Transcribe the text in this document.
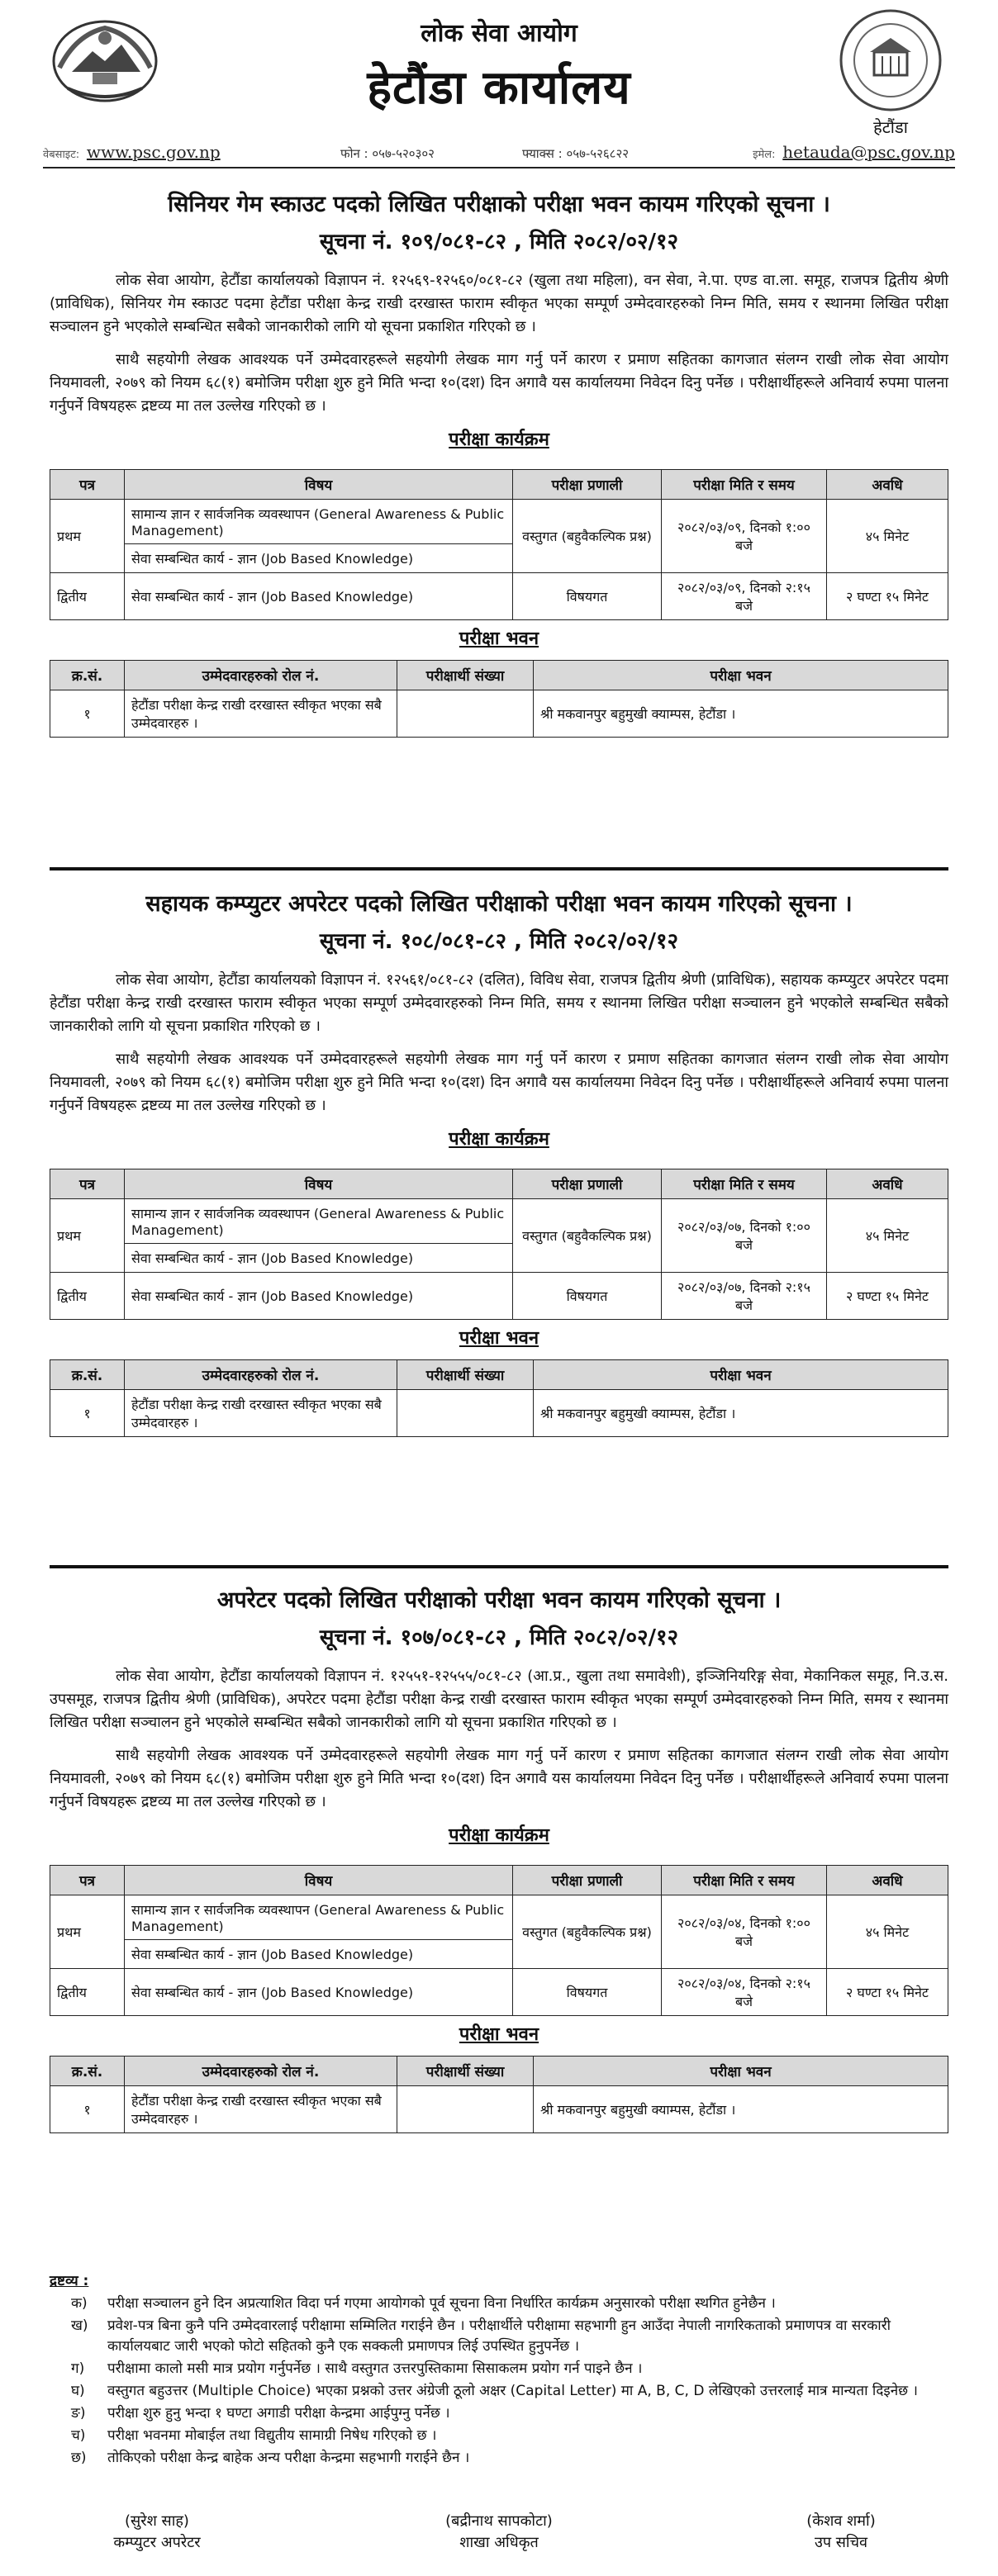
लोक सेवा आयोग
हेटौंडा कार्यालय
हेटौंडा
वेबसाइट: www.psc.gov.np	फोन : ०५७-५२०३०२	फ्याक्स : ०५७-५२६८२२	इमेल: hetauda@psc.gov.np
सिनियर गेम स्काउट पदको लिखित परीक्षाको परीक्षा भवन कायम गरिएको सूचना ।
सूचना नं. १०९/०८१-८२ , मिति २०८२/०२/१२

लोक सेवा आयोग, हेटौंडा कार्यालयको विज्ञापन नं. १२५६९-१२५६०/०८१-८२ (खुला तथा महिला), वन सेवा, ने.पा. एण्ड वा.ला. समूह, राजपत्र द्वितीय श्रेणी (प्राविधिक), सिनियर गेम स्काउट पदमा हेटौंडा परीक्षा केन्द्र राखी दरखास्त फाराम स्वीकृत भएका सम्पूर्ण उम्मेदवारहरुको निम्न मिति, समय र स्थानमा लिखित परीक्षा सञ्चालन हुने भएकोले सम्बन्धित सबैको जानकारीको लागि यो सूचना प्रकाशित गरिएको छ ।

साथै सहयोगी लेखक आवश्यक पर्ने उम्मेदवारहरूले सहयोगी लेखक माग गर्नु पर्ने कारण र प्रमाण सहितका कागजात संलग्न राखी लोक सेवा आयोग नियमावली, २०७९ को नियम ६८(१) बमोजिम परीक्षा शुरु हुने मिति भन्दा १०(दश) दिन अगावै यस कार्यालयमा निवेदन दिनु पर्नेछ । परीक्षार्थीहरूले अनिवार्य रुपमा पालना गर्नुपर्ने विषयहरू द्रष्टव्य मा तल उल्लेख गरिएको छ ।

परीक्षा कार्यक्रम
पत्र	विषय	परीक्षा प्रणाली	परीक्षा मिति र समय	अवधि
प्रथम	सामान्य ज्ञान र सार्वजनिक व्यवस्थापन (General Awareness & Public Management)	वस्तुगत (बहुवैकल्पिक प्रश्न)	२०८२/०३/०९, दिनको १:०० बजे	४५ मिनेट
	सेवा सम्बन्धित कार्य - ज्ञान (Job Based Knowledge)			
द्वितीय	सेवा सम्बन्धित कार्य - ज्ञान (Job Based Knowledge)	विषयगत	२०८२/०३/०९, दिनको २:१५ बजे	२ घण्टा १५ मिनेट
परीक्षा भवन
क्र.सं.	उम्मेदवारहरुको रोल नं.	परीक्षार्थी संख्या	परीक्षा भवन
१	हेटौंडा परीक्षा केन्द्र राखी दरखास्त स्वीकृत भएका सबै उम्मेदवारहरु ।		श्री मकवानपुर बहुमुखी क्याम्पस, हेटौंडा ।
सहायक कम्प्युटर अपरेटर पदको लिखित परीक्षाको परीक्षा भवन कायम गरिएको सूचना ।
सूचना नं. १०८/०८१-८२ , मिति २०८२/०२/१२

लोक सेवा आयोग, हेटौंडा कार्यालयको विज्ञापन नं. १२५६१/०८१-८२ (दलित), विविध सेवा, राजपत्र द्वितीय श्रेणी (प्राविधिक), सहायक कम्प्युटर अपरेटर पदमा हेटौंडा परीक्षा केन्द्र राखी दरखास्त फाराम स्वीकृत भएका सम्पूर्ण उम्मेदवारहरुको निम्न मिति, समय र स्थानमा लिखित परीक्षा सञ्चालन हुने भएकोले सम्बन्धित सबैको जानकारीको लागि यो सूचना प्रकाशित गरिएको छ ।

साथै सहयोगी लेखक आवश्यक पर्ने उम्मेदवारहरूले सहयोगी लेखक माग गर्नु पर्ने कारण र प्रमाण सहितका कागजात संलग्न राखी लोक सेवा आयोग नियमावली, २०७९ को नियम ६८(१) बमोजिम परीक्षा शुरु हुने मिति भन्दा १०(दश) दिन अगावै यस कार्यालयमा निवेदन दिनु पर्नेछ । परीक्षार्थीहरूले अनिवार्य रुपमा पालना गर्नुपर्ने विषयहरू द्रष्टव्य मा तल उल्लेख गरिएको छ ।

परीक्षा कार्यक्रम
पत्र	विषय	परीक्षा प्रणाली	परीक्षा मिति र समय	अवधि
प्रथम	सामान्य ज्ञान र सार्वजनिक व्यवस्थापन (General Awareness & Public Management)	वस्तुगत (बहुवैकल्पिक प्रश्न)	२०८२/०३/०७, दिनको १:०० बजे	४५ मिनेट
	सेवा सम्बन्धित कार्य - ज्ञान (Job Based Knowledge)			
द्वितीय	सेवा सम्बन्धित कार्य - ज्ञान (Job Based Knowledge)	विषयगत	२०८२/०३/०७, दिनको २:१५ बजे	२ घण्टा १५ मिनेट
परीक्षा भवन
क्र.सं.	उम्मेदवारहरुको रोल नं.	परीक्षार्थी संख्या	परीक्षा भवन
१	हेटौंडा परीक्षा केन्द्र राखी दरखास्त स्वीकृत भएका सबै उम्मेदवारहरु ।		श्री मकवानपुर बहुमुखी क्याम्पस, हेटौंडा ।
अपरेटर पदको लिखित परीक्षाको परीक्षा भवन कायम गरिएको सूचना ।
सूचना नं. १०७/०८१-८२ , मिति २०८२/०२/१२

लोक सेवा आयोग, हेटौंडा कार्यालयको विज्ञापन नं. १२५५१-१२५५५/०८१-८२ (आ.प्र., खुला तथा समावेशी), इञ्जिनियरिङ्ग सेवा, मेकानिकल समूह, नि.उ.स. उपसमूह, राजपत्र द्वितीय श्रेणी (प्राविधिक), अपरेटर पदमा हेटौंडा परीक्षा केन्द्र राखी दरखास्त फाराम स्वीकृत भएका सम्पूर्ण उम्मेदवारहरुको निम्न मिति, समय र स्थानमा लिखित परीक्षा सञ्चालन हुने भएकोले सम्बन्धित सबैको जानकारीको लागि यो सूचना प्रकाशित गरिएको छ ।

साथै सहयोगी लेखक आवश्यक पर्ने उम्मेदवारहरूले सहयोगी लेखक माग गर्नु पर्ने कारण र प्रमाण सहितका कागजात संलग्न राखी लोक सेवा आयोग नियमावली, २०७९ को नियम ६८(१) बमोजिम परीक्षा शुरु हुने मिति भन्दा १०(दश) दिन अगावै यस कार्यालयमा निवेदन दिनु पर्नेछ । परीक्षार्थीहरूले अनिवार्य रुपमा पालना गर्नुपर्ने विषयहरू द्रष्टव्य मा तल उल्लेख गरिएको छ ।

परीक्षा कार्यक्रम
पत्र	विषय	परीक्षा प्रणाली	परीक्षा मिति र समय	अवधि
प्रथम	सामान्य ज्ञान र सार्वजनिक व्यवस्थापन (General Awareness & Public Management)	वस्तुगत (बहुवैकल्पिक प्रश्न)	२०८२/०३/०४, दिनको १:०० बजे	४५ मिनेट
	सेवा सम्बन्धित कार्य - ज्ञान (Job Based Knowledge)			
द्वितीय	सेवा सम्बन्धित कार्य - ज्ञान (Job Based Knowledge)	विषयगत	२०८२/०३/०४, दिनको २:१५ बजे	२ घण्टा १५ मिनेट
परीक्षा भवन
क्र.सं.	उम्मेदवारहरुको रोल नं.	परीक्षार्थी संख्या	परीक्षा भवन
१	हेटौंडा परीक्षा केन्द्र राखी दरखास्त स्वीकृत भएका सबै उम्मेदवारहरु ।		श्री मकवानपुर बहुमुखी क्याम्पस, हेटौंडा ।
द्रष्टव्य :
क) परीक्षा सञ्चालन हुने दिन अप्रत्याशित विदा पर्न गएमा आयोगको पूर्व सूचना विना निर्धारित कार्यक्रम अनुसारको परीक्षा स्थगित हुनेछैन ।
ख) प्रवेश-पत्र बिना कुनै पनि उम्मेदवारलाई परीक्षामा सम्मिलित गराईने छैन । परीक्षार्थीले परीक्षामा सहभागी हुन आउँदा नेपाली नागरिकताको प्रमाणपत्र वा सरकारी कार्यालयबाट जारी भएको फोटो सहितको कुनै एक सक्कली प्रमाणपत्र लिई उपस्थित हुनुपर्नेछ ।
ग) परीक्षामा कालो मसी मात्र प्रयोग गर्नुपर्नेछ । साथै वस्तुगत उत्तरपुस्तिकामा सिसाकलम प्रयोग गर्न पाइने छैन ।
घ) वस्तुगत बहुउत्तर (Multiple Choice) भएका प्रश्नको उत्तर अंग्रेजी ठूलो अक्षर (Capital Letter) मा A, B, C, D लेखिएको उत्तरलाई मात्र मान्यता दिइनेछ ।
ङ) परीक्षा शुरु हुनु भन्दा १ घण्टा अगाडी परीक्षा केन्द्रमा आईपुग्नु पर्नेछ ।
च) परीक्षा भवनमा मोबाईल तथा विद्युतीय सामाग्री निषेध गरिएको छ ।
छ) तोकिएको परीक्षा केन्द्र बाहेक अन्य परीक्षा केन्द्रमा सहभागी गराईने छैन ।
(सुरेश साह)
कम्प्युटर अपरेटर
(बद्रीनाथ सापकोटा)
शाखा अधिकृत
(केशव शर्मा)
उप सचिव
